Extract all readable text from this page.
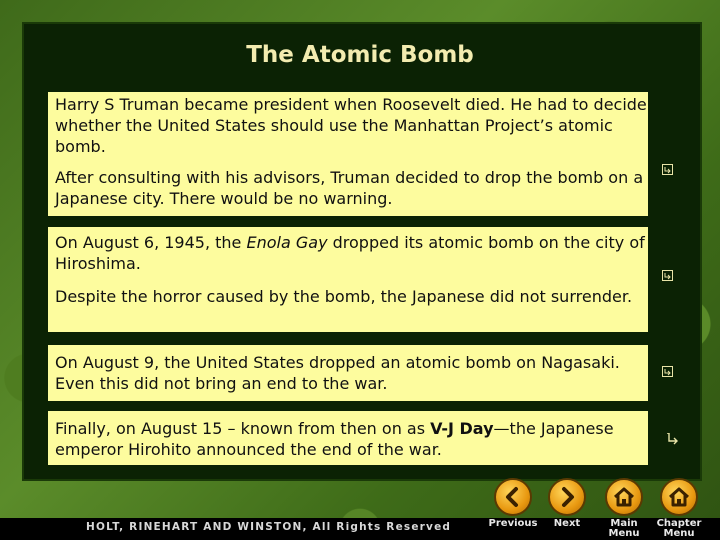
The Atomic Bomb

Harry S Truman became president when Roosevelt died. He had to decide whether the United States should use the Manhattan Project’s atomic bomb.

After consulting with his advisors, Truman decided to drop the bomb on a Japanese city. There would be no warning.

On August 6, 1945, the Enola Gay dropped its atomic bomb on the city of Hiroshima.

Despite the horror caused by the bomb, the Japanese did not surrender.

On August 9, the United States dropped an atomic bomb on Nagasaki. Even this did not bring an end to the war.

Finally, on August 15 – known from then on as V-J Day—the Japanese emperor Hirohito announced the end of the war.

HOLT, RINEHART AND WINSTON, All Rights Reserved	Previous	Next	Main
Menu
Chapter
Menu
